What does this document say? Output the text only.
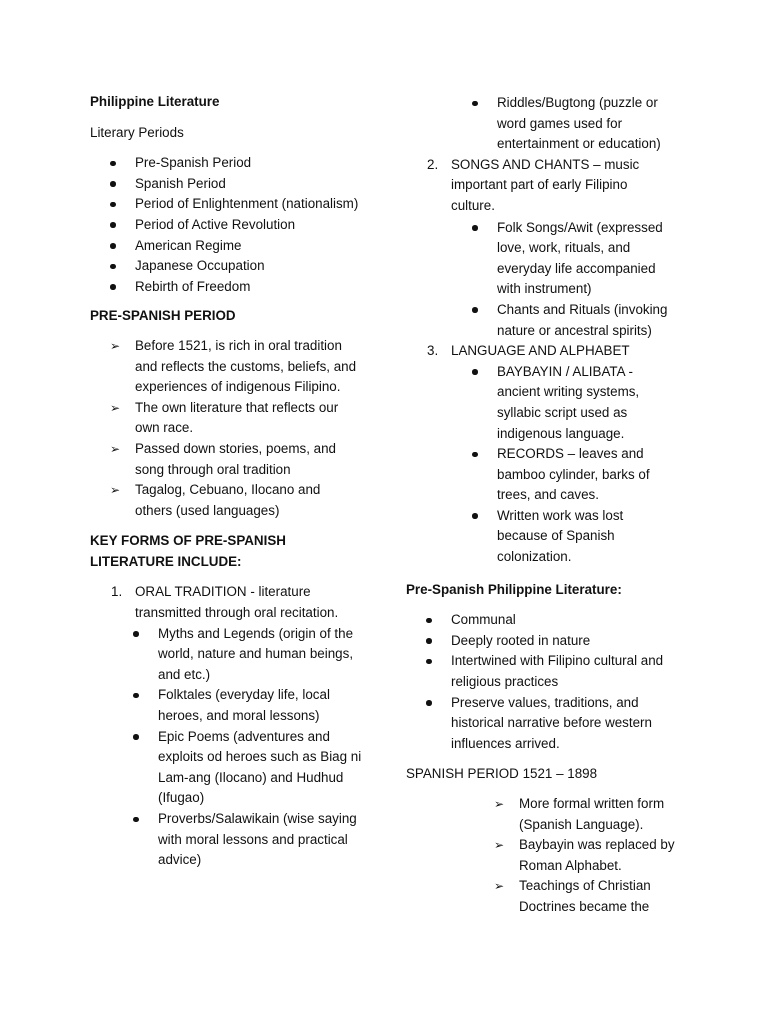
Philippine Literature

Literary Periods

Pre-Spanish Period
Spanish Period
Period of Enlightenment (nationalism)
Period of Active Revolution
American Regime
Japanese Occupation
Rebirth of Freedom

PRE-SPANISH PERIOD

➢ Before 1521, is rich in oral tradition and reflects the customs, beliefs, and experiences of indigenous Filipino.
➢ The own literature that reflects our own race.
➢ Passed down stories, poems, and song through oral tradition
➢ Tagalog, Cebuano, Ilocano and others (used languages)

KEY FORMS OF PRE-SPANISH LITERATURE INCLUDE:

1. ORAL TRADITION - literature transmitted through oral recitation.
Myths and Legends (origin of the world, nature and human beings, and etc.)
Folktales (everyday life, local heroes, and moral lessons)
Epic Poems (adventures and exploits od heroes such as Biag ni Lam-ang (Ilocano) and Hudhud (Ifugao)
Proverbs/Salawikain (wise saying with moral lessons and practical advice)
Riddles/Bugtong (puzzle or word games used for entertainment or education)
2. SONGS AND CHANTS – music important part of early Filipino culture.
Folk Songs/Awit (expressed love, work, rituals, and everyday life accompanied with instrument)
Chants and Rituals (invoking nature or ancestral spirits)
3. LANGUAGE AND ALPHABET
BAYBAYIN / ALIBATA - ancient writing systems, syllabic script used as indigenous language.
RECORDS – leaves and bamboo cylinder, barks of trees, and caves.
Written work was lost because of Spanish colonization.

Pre-Spanish Philippine Literature:

Communal
Deeply rooted in nature
Intertwined with Filipino cultural and religious practices
Preserve values, traditions, and historical narrative before western influences arrived.

SPANISH PERIOD 1521 – 1898

➢ More formal written form (Spanish Language).
➢ Baybayin was replaced by Roman Alphabet.
➢ Teachings of Christian Doctrines became the
